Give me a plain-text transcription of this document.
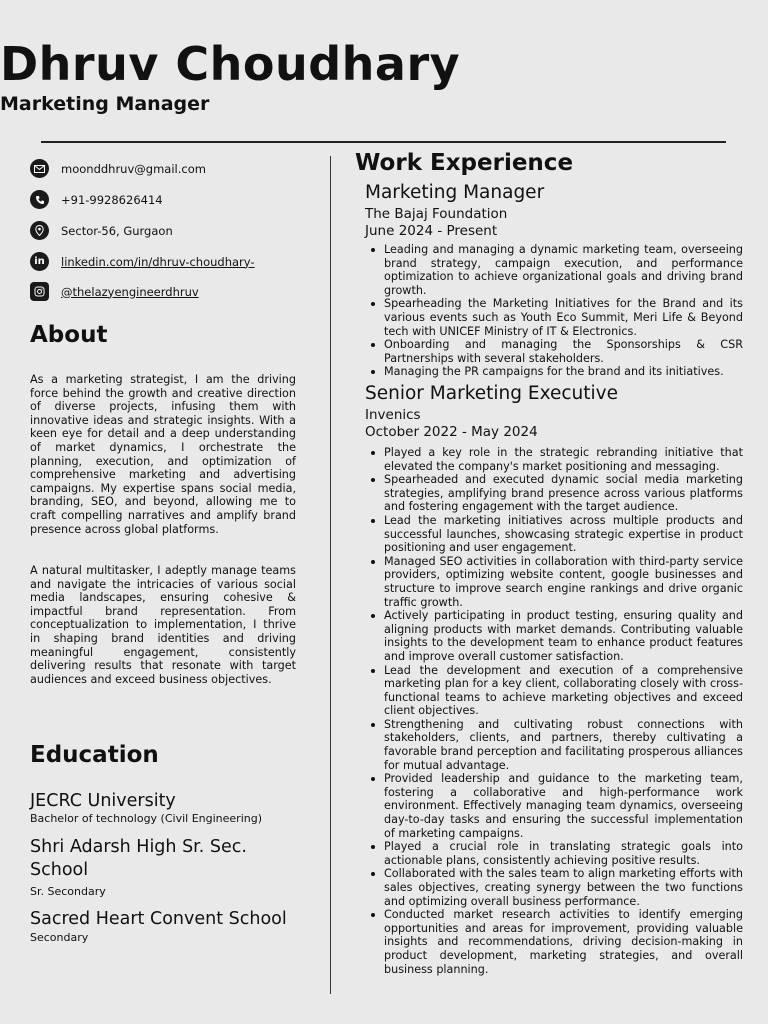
Dhruv Choudhary
Marketing Manager
moonddhruv@gmail.com
+91-9928626414
Sector-56, Gurgaon
in	linkedin.com/in/dhruv-choudhary-
@thelazyengineerdhruv
About

As a marketing strategist, I am the driving force behind the growth and creative direction of diverse projects, infusing them with innovative ideas and strategic insights. With a keen eye for detail and a deep understanding of market dynamics, I orchestrate the planning, execution, and optimization of comprehensive marketing and advertising campaigns. My expertise spans social media, branding, SEO, and beyond, allowing me to craft compelling narratives and amplify brand presence across global platforms.

A natural multitasker, I adeptly manage teams and navigate the intricacies of various social media landscapes, ensuring cohesive & impactful brand representation. From conceptualization to implementation, I thrive in shaping brand identities and driving meaningful engagement, consistently delivering results that resonate with target audiences and exceed business objectives.

Education
JECRC University
Bachelor of technology (Civil Engineering)
Shri Adarsh High Sr. Sec. School
Sr. Secondary
Sacred Heart Convent School
Secondary
Work Experience
Marketing Manager
The Bajaj Foundation
June 2024 - Present
Leading and managing a dynamic marketing team, overseeing brand strategy, campaign execution, and performance optimization to achieve organizational goals and driving brand growth.
Spearheading the Marketing Initiatives for the Brand and its various events such as Youth Eco Summit, Meri Life & Beyond tech with UNICEF Ministry of IT & Electronics.
Onboarding and managing the Sponsorships & CSR Partnerships with several stakeholders.
Managing the PR campaigns for the brand and its initiatives.
Senior Marketing Executive
Invenics
October 2022 - May 2024
Played a key role in the strategic rebranding initiative that elevated the company's market positioning and messaging.
Spearheaded and executed dynamic social media marketing strategies, amplifying brand presence across various platforms and fostering engagement with the target audience.
Lead the marketing initiatives across multiple products and successful launches, showcasing strategic expertise in product positioning and user engagement.
Managed SEO activities in collaboration with third-party service providers, optimizing website content, google businesses and structure to improve search engine rankings and drive organic traffic growth.
Actively participating in product testing, ensuring quality and aligning products with market demands. Contributing valuable insights to the development team to enhance product features and improve overall customer satisfaction.
Lead the development and execution of a comprehensive marketing plan for a key client, collaborating closely with cross-functional teams to achieve marketing objectives and exceed client objectives.
Strengthening and cultivating robust connections with stakeholders, clients, and partners, thereby cultivating a favorable brand perception and facilitating prosperous alliances for mutual advantage.
Provided leadership and guidance to the marketing team, fostering a collaborative and high-performance work environment. Effectively managing team dynamics, overseeing day-to-day tasks and ensuring the successful implementation of marketing campaigns.
Played a crucial role in translating strategic goals into actionable plans, consistently achieving positive results.
Collaborated with the sales team to align marketing efforts with sales objectives, creating synergy between the two functions and optimizing overall business performance.
Conducted market research activities to identify emerging opportunities and areas for improvement, providing valuable insights and recommendations, driving decision-making in product development, marketing strategies, and overall business planning.
